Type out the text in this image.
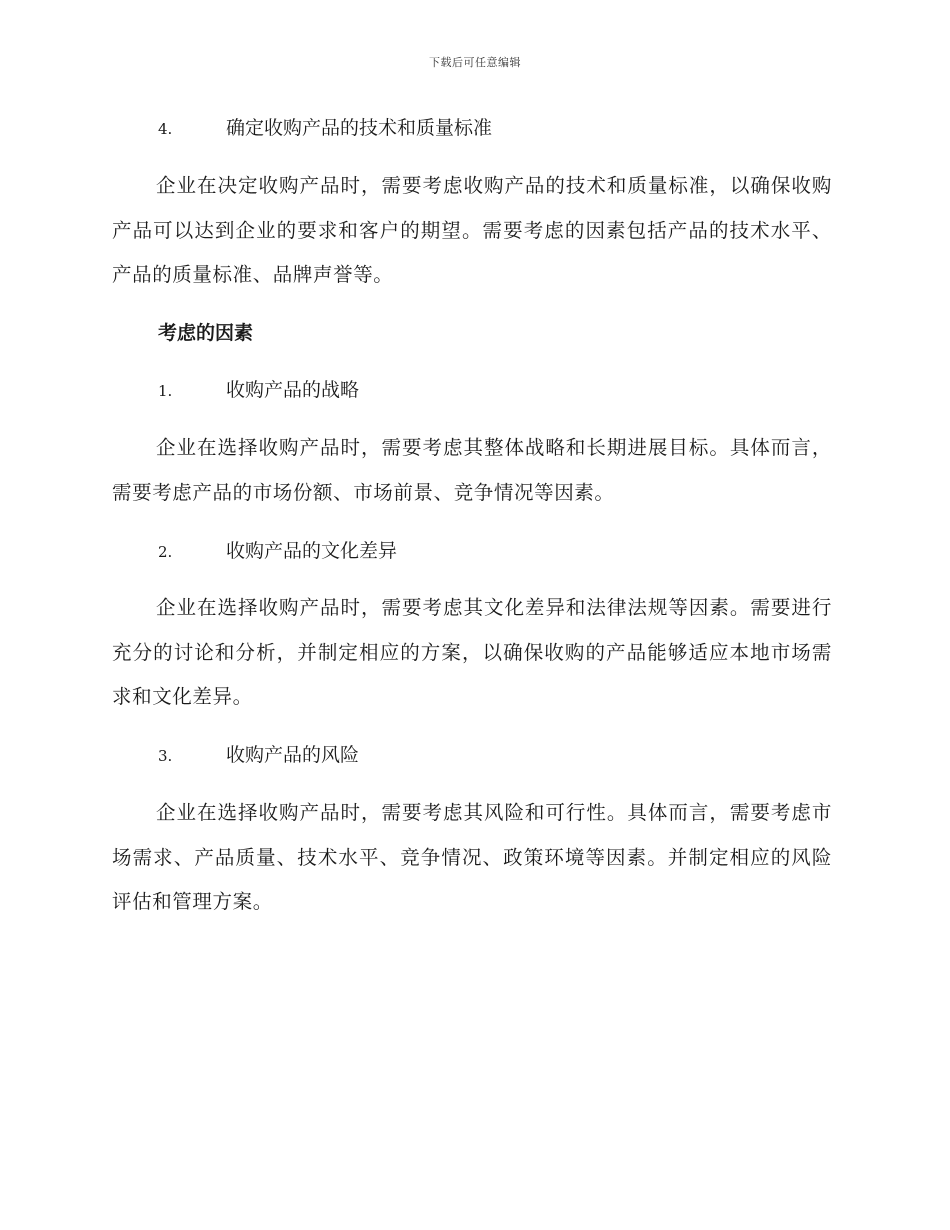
下载后可任意编辑
4.	确定收购产品的技术和质量标准
企业在决定收购产品时，需要考虑收购产品的技术和质量标准，以确保收购产品可以达到企业的要求和客户的期望。需要考虑的因素包括产品的技术水平、产品的质量标准、品牌声誉等。
考虑的因素
1.	收购产品的战略
企业在选择收购产品时，需要考虑其整体战略和长期进展目标。具体而言，需要考虑产品的市场份额、市场前景、竞争情况等因素。
2.	收购产品的文化差异
企业在选择收购产品时，需要考虑其文化差异和法律法规等因素。需要进行充分的讨论和分析，并制定相应的方案，以确保收购的产品能够适应本地市场需求和文化差异。
3.	收购产品的风险
企业在选择收购产品时，需要考虑其风险和可行性。具体而言，需要考虑市场需求、产品质量、技术水平、竞争情况、政策环境等因素。并制定相应的风险评估和管理方案。
